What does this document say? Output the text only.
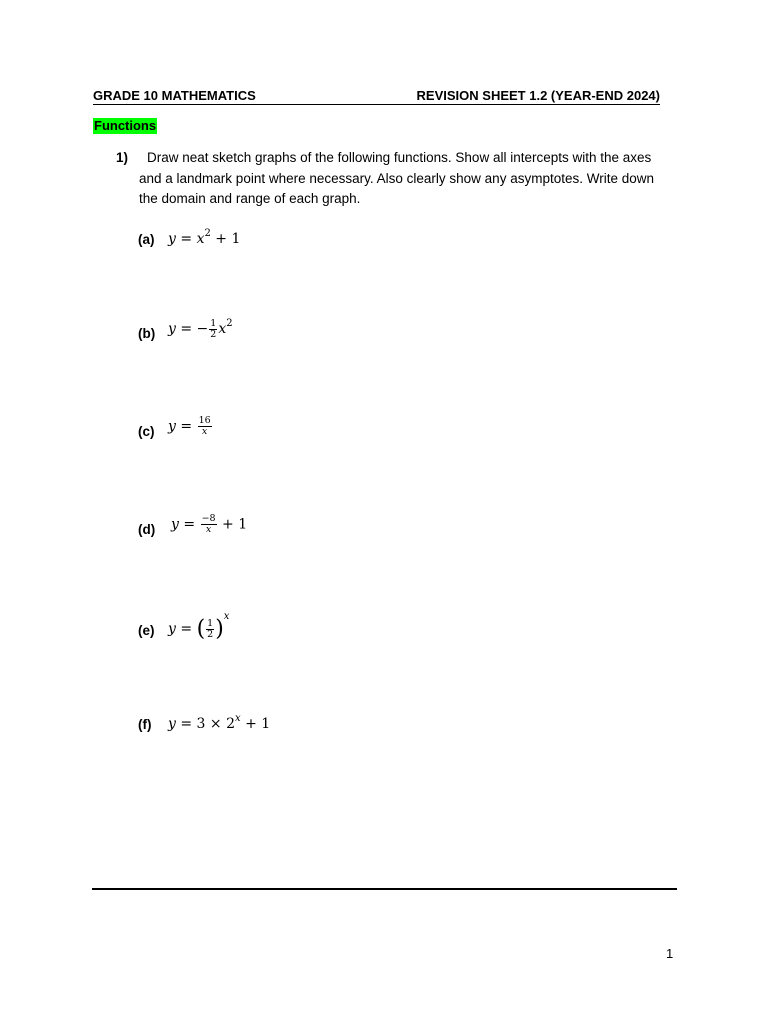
GRADE 10 MATHEMATICS	REVISION SHEET 1.2 (YEAR-END 2024)
Functions
1)	Draw neat sketch graphs of the following functions. Show all intercepts with the axes and a landmark point where necessary. Also clearly show any asymptotes. Write down the domain and range of each graph.
(a) $y = x^2 + 1$
(b) y = − $\frac{1}{2} x^2$
(c) $y = \frac{16}{x}$
(d) $y = \frac{-8}{x} + 1$
(e) y = ( $\frac{1}{2} )^x$
(f) $y = 3 \times 2^x + 1$
1
